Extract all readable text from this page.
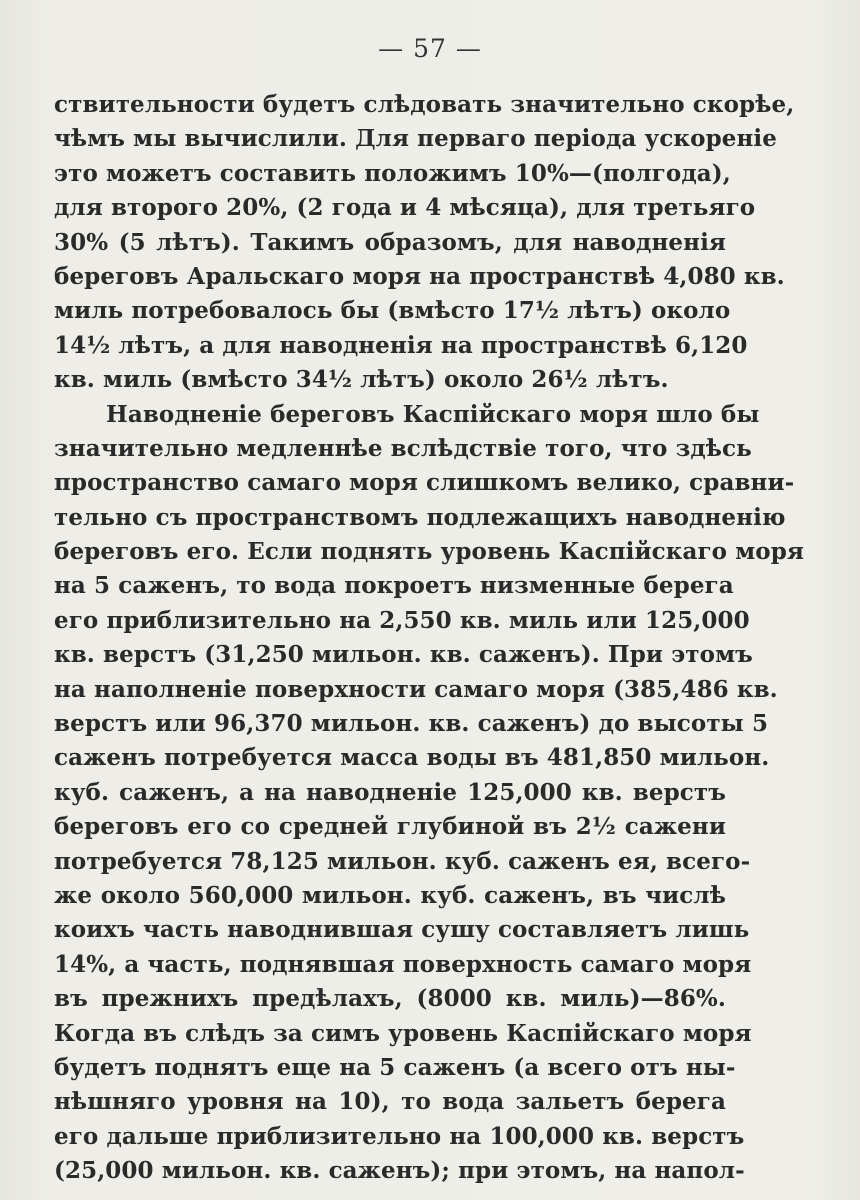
— 57 —
ствительности будетъ слѣдовать значительно скорѣе,
чѣмъ мы вычислили. Для перваго періода ускореніе
это можетъ составить положимъ 10%—(полгода),
для второго 20%, (2 года и 4 мѣсяца), для третьяго
30% (5 лѣтъ). Такимъ образомъ, для наводненія
береговъ Аральскаго моря на пространствѣ 4,080 кв.
миль потребовалось бы (вмѣсто 17½ лѣтъ) около
14½ лѣтъ, а для наводненія на пространствѣ 6,120
кв. миль (вмѣсто 34½ лѣтъ) около 26½ лѣтъ.
Наводненіе береговъ Каспійскаго моря шло бы
значительно медленнѣе вслѣдствіе того, что здѣсь
пространство самаго моря слишкомъ велико, сравни-
тельно съ пространствомъ подлежащихъ наводненію
береговъ его. Если поднять уровень Каспійскаго моря
на 5 саженъ, то вода покроетъ низменные берега
его приблизительно на 2,550 кв. миль или 125,000
кв. верстъ (31,250 мильон. кв. саженъ). При этомъ
на наполненіе поверхности самаго моря (385,486 кв.
верстъ или 96,370 мильон. кв. саженъ) до высоты 5
саженъ потребуется масса воды въ 481,850 мильон.
куб. саженъ, а на наводненіе 125,000 кв. верстъ
береговъ его со средней глубиной въ 2½ сажени
потребуется 78,125 мильон. куб. саженъ ея, всего-
же около 560,000 мильон. куб. саженъ, въ числѣ
коихъ часть наводнившая сушу составляетъ лишь
14%, а часть, поднявшая поверхность самаго моря
въ прежнихъ предѣлахъ, (8000 кв. миль)—86%.
Когда въ слѣдъ за симъ уровень Каспійскаго моря
будетъ поднятъ еще на 5 саженъ (а всего отъ ны-
нѣшняго уровня на 10), то вода зальетъ берега
его дальше приблизительно на 100,000 кв. верстъ
(25,000 мильон. кв. саженъ); при этомъ, на напол-
